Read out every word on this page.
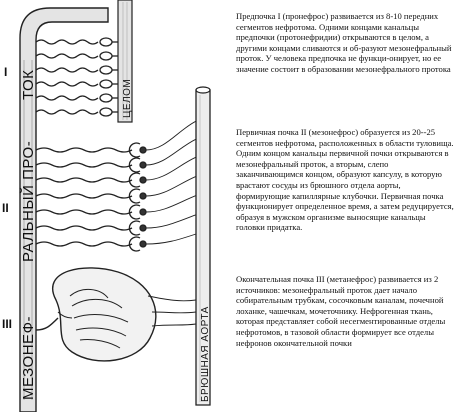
I
II
III МЕЗОНЕФ-
РАЛЬНЫЙ ПРО-
ТОК	ЦЕЛОМ
БРЮШНАЯ АОРТА

Предпочка I (пронефрос) развивается из 8-10 передних сегментов нефротома. Одними концами канальцы предпочки (протонефридии) открываются в целом, а другими концами сливаются и об-разуют мезонефральный проток. У человека предпочка не функци-онирует, но ее значение состоит в образовании мезонефрального протока

Первичная почка II (мезонефрос) образуется из 20--25 сегментов нефротома, расположенных в области туловища. Одним концом канальцы первичной почки открываются в мезонефральный проток, а вторым, слепо заканчивающимся концом, образуют капсулу, в которую врастают сосуды из брюшного отдела аорты, формирующие капиллярные клубочки. Первичная почка функционирует определенное время, а затем редуцируется, образуя в мужском организме выносящие канальцы головки придатка.

Окончательная почка III (метанефрос) развивается из 2 источников: мезонефральный проток дает начало собирательным трубкам, сосочковым каналам, почечной лоханке, чашечкам, мочеточнику. Нефрогенная ткань, которая представляет собой несегментированные отделы нефротомов, в тазовой области формирует все отделы нефронов окончательной почки
